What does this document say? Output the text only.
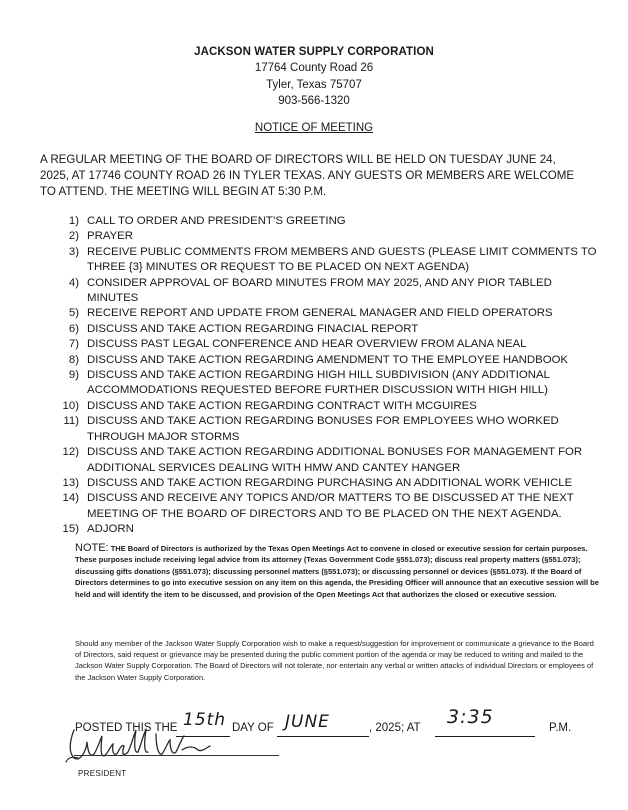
JACKSON WATER SUPPLY CORPORATION
17764 County Road 26
Tyler, Texas 75707
903-566-1320
NOTICE OF MEETING
A REGULAR MEETING OF THE BOARD OF DIRECTORS WILL BE HELD ON TUESDAY JUNE 24, 2025, AT 17746 COUNTY ROAD 26 IN TYLER TEXAS. ANY GUESTS OR MEMBERS ARE WELCOME TO ATTEND. THE MEETING WILL BEGIN AT 5:30 P.M.
1) CALL TO ORDER AND PRESIDENT’S GREETING
2) PRAYER
3) RECEIVE PUBLIC COMMENTS FROM MEMBERS AND GUESTS (PLEASE LIMIT COMMENTS TO THREE {3} MINUTES OR REQUEST TO BE PLACED ON NEXT AGENDA)
4) CONSIDER APPROVAL OF BOARD MINUTES FROM MAY 2025, AND ANY PIOR TABLED MINUTES
5) RECEIVE REPORT AND UPDATE FROM GENERAL MANAGER AND FIELD OPERATORS
6) DISCUSS AND TAKE ACTION REGARDING FINACIAL REPORT
7) DISCUSS PAST LEGAL CONFERENCE AND HEAR OVERVIEW FROM ALANA NEAL
8) DISCUSS AND TAKE ACTION REGARDING AMENDMENT TO THE EMPLOYEE HANDBOOK
9) DISCUSS AND TAKE ACTION REGARDING HIGH HILL SUBDIVISION (ANY ADDITIONAL ACCOMMODATIONS REQUESTED BEFORE FURTHER DISCUSSION WITH HIGH HILL)
10) DISCUSS AND TAKE ACTION REGARDING CONTRACT WITH MCGUIRES
11) DISCUSS AND TAKE ACTION REGARDING BONUSES FOR EMPLOYEES WHO WORKED THROUGH MAJOR STORMS
12) DISCUSS AND TAKE ACTION REGARDING ADDITIONAL BONUSES FOR MANAGEMENT FOR ADDITIONAL SERVICES DEALING WITH HMW AND CANTEY HANGER
13) DISCUSS AND TAKE ACTION REGARDING PURCHASING AN ADDITIONAL WORK VEHICLE
14) DISCUSS AND RECEIVE ANY TOPICS AND/OR MATTERS TO BE DISCUSSED AT THE NEXT MEETING OF THE BOARD OF DIRECTORS AND TO BE PLACED ON THE NEXT AGENDA.
15) ADJORN
NOTE: THE Board of Directors is authorized by the Texas Open Meetings Act to convene in closed or executive session for certain purposes. These purposes include receiving legal advice from its attorney (Texas Government Code §551.073); discuss real property matters (§551.073); discussing gifts donations (§551.073); discussing personnel matters (§551.073); or discussing personnel or devices (§551.073). If the Board of Directors determines to go into executive session on any item on this agenda, the Presiding Officer will announce that an executive session will be held and will identify the item to be discussed, and provision of the Open Meetings Act that authorizes the closed or executive session.
Should any member of the Jackson Water Supply Corporation wish to make a request/suggestion for improvement or communicate a grievance to the Board of Directors, said request or grievance may be presented during the public comment portion of the agenda or may be reduced to writing and mailed to the Jackson Water Supply Corporation. The Board of Directors will not tolerate, nor entertain any verbal or written attacks of individual Directors or employees of the Jackson Water Supply Corporation.
POSTED THIS THE 15th DAY OF JUNE	, 2025; AT 3:35	P.M.
PRESIDENT
